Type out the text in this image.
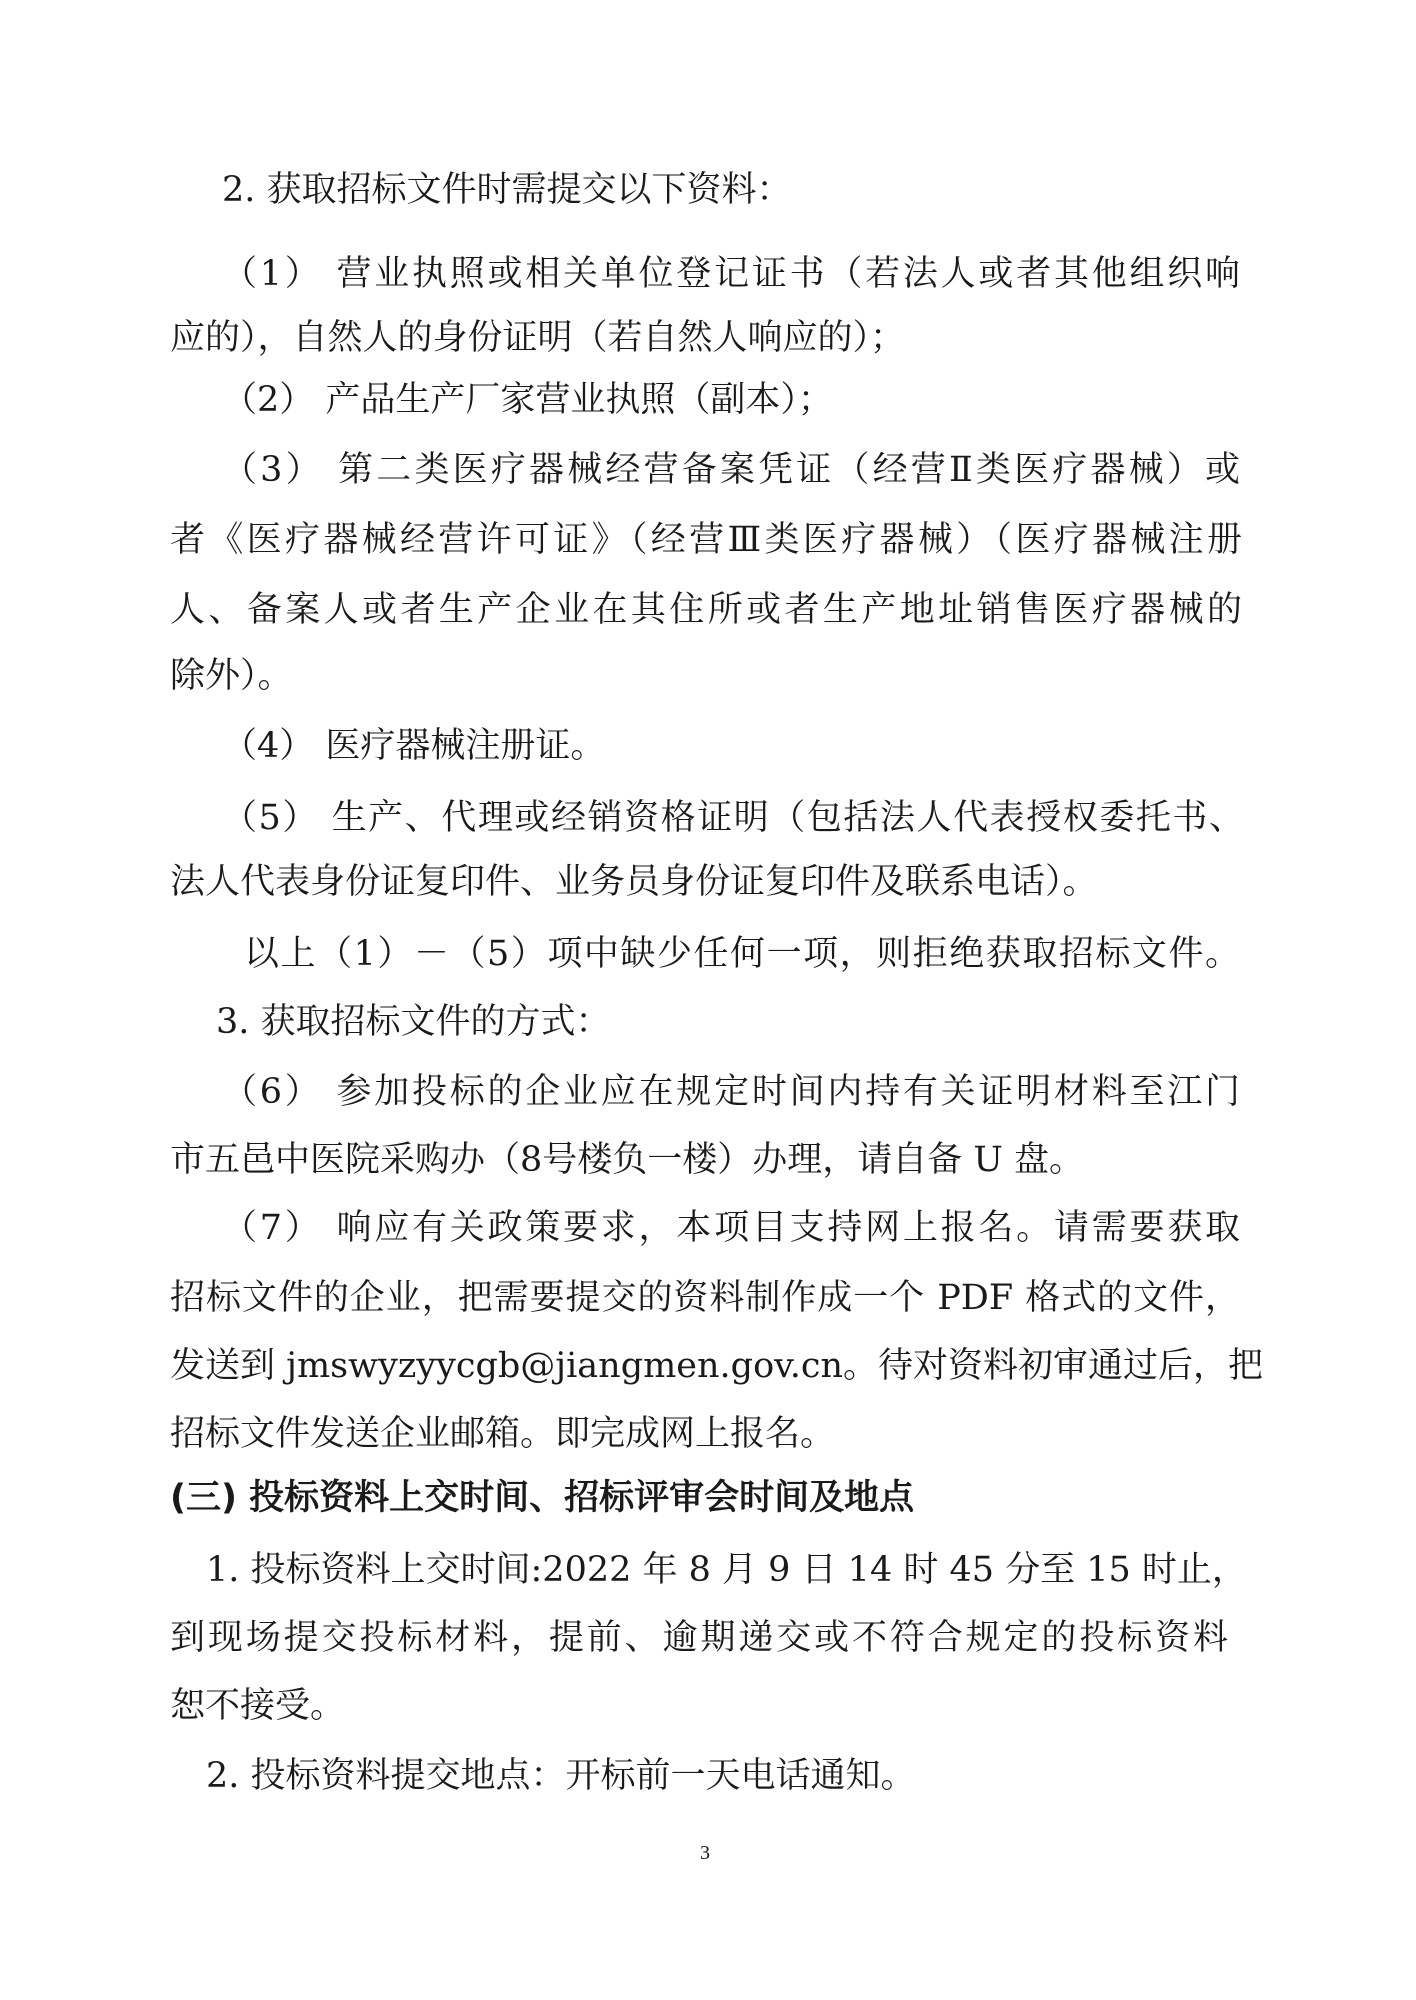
2. 获取招标文件时需提交以下资料：
（1） 营业执照或相关单位登记证书（若法人或者其他组织响
应的），自然人的身份证明（若自然人响应的）；
（2） 产品生产厂家营业执照（副本）；
（3） 第二类医疗器械经营备案凭证（经营Ⅱ类医疗器械）或
者《医疗器械经营许可证》（经营Ⅲ类医疗器械）（医疗器械注册
人、备案人或者生产企业在其住所或者生产地址销售医疗器械的
除外）。
（4） 医疗器械注册证。
（5） 生产、代理或经销资格证明（包括法人代表授权委托书、
法人代表身份证复印件、业务员身份证复印件及联系电话）。
以上（1）－（5）项中缺少任何一项，则拒绝获取招标文件。
3. 获取招标文件的方式：
（6） 参加投标的企业应在规定时间内持有关证明材料至江门
市五邑中医院采购办（8号楼负一楼）办理，请自备 U 盘。
（7） 响应有关政策要求，本项目支持网上报名。请需要获取
招标文件的企业，把需要提交的资料制作成一个 PDF 格式的文件，
发送到 jmswyzyycgb@jiangmen.gov.cn。待对资料初审通过后，把
招标文件发送企业邮箱。即完成网上报名。
(三) 投标资料上交时间、招标评审会时间及地点
1. 投标资料上交时间:2022 年 8 月 9 日 14 时 45 分至 15 时止，
到现场提交投标材料，提前、逾期递交或不符合规定的投标资料
恕不接受。
2. 投标资料提交地点：开标前一天电话通知。
3
